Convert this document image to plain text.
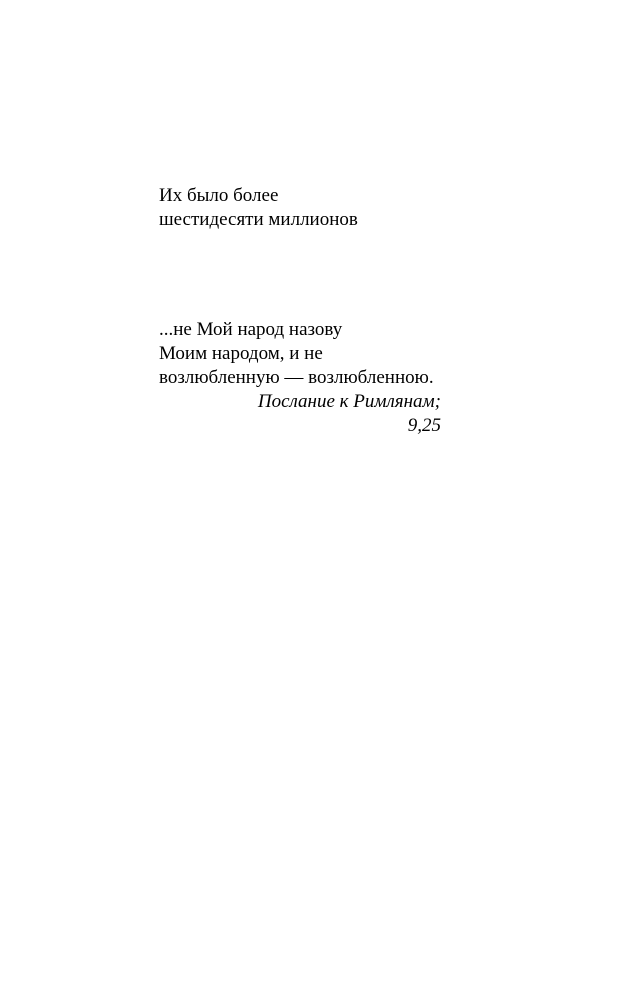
Их было более
шестидесяти миллионов
...не Мой народ назову
Моим народом, и не
возлюбленную — возлюбленною.
Послание к Римлянам;
9,25
